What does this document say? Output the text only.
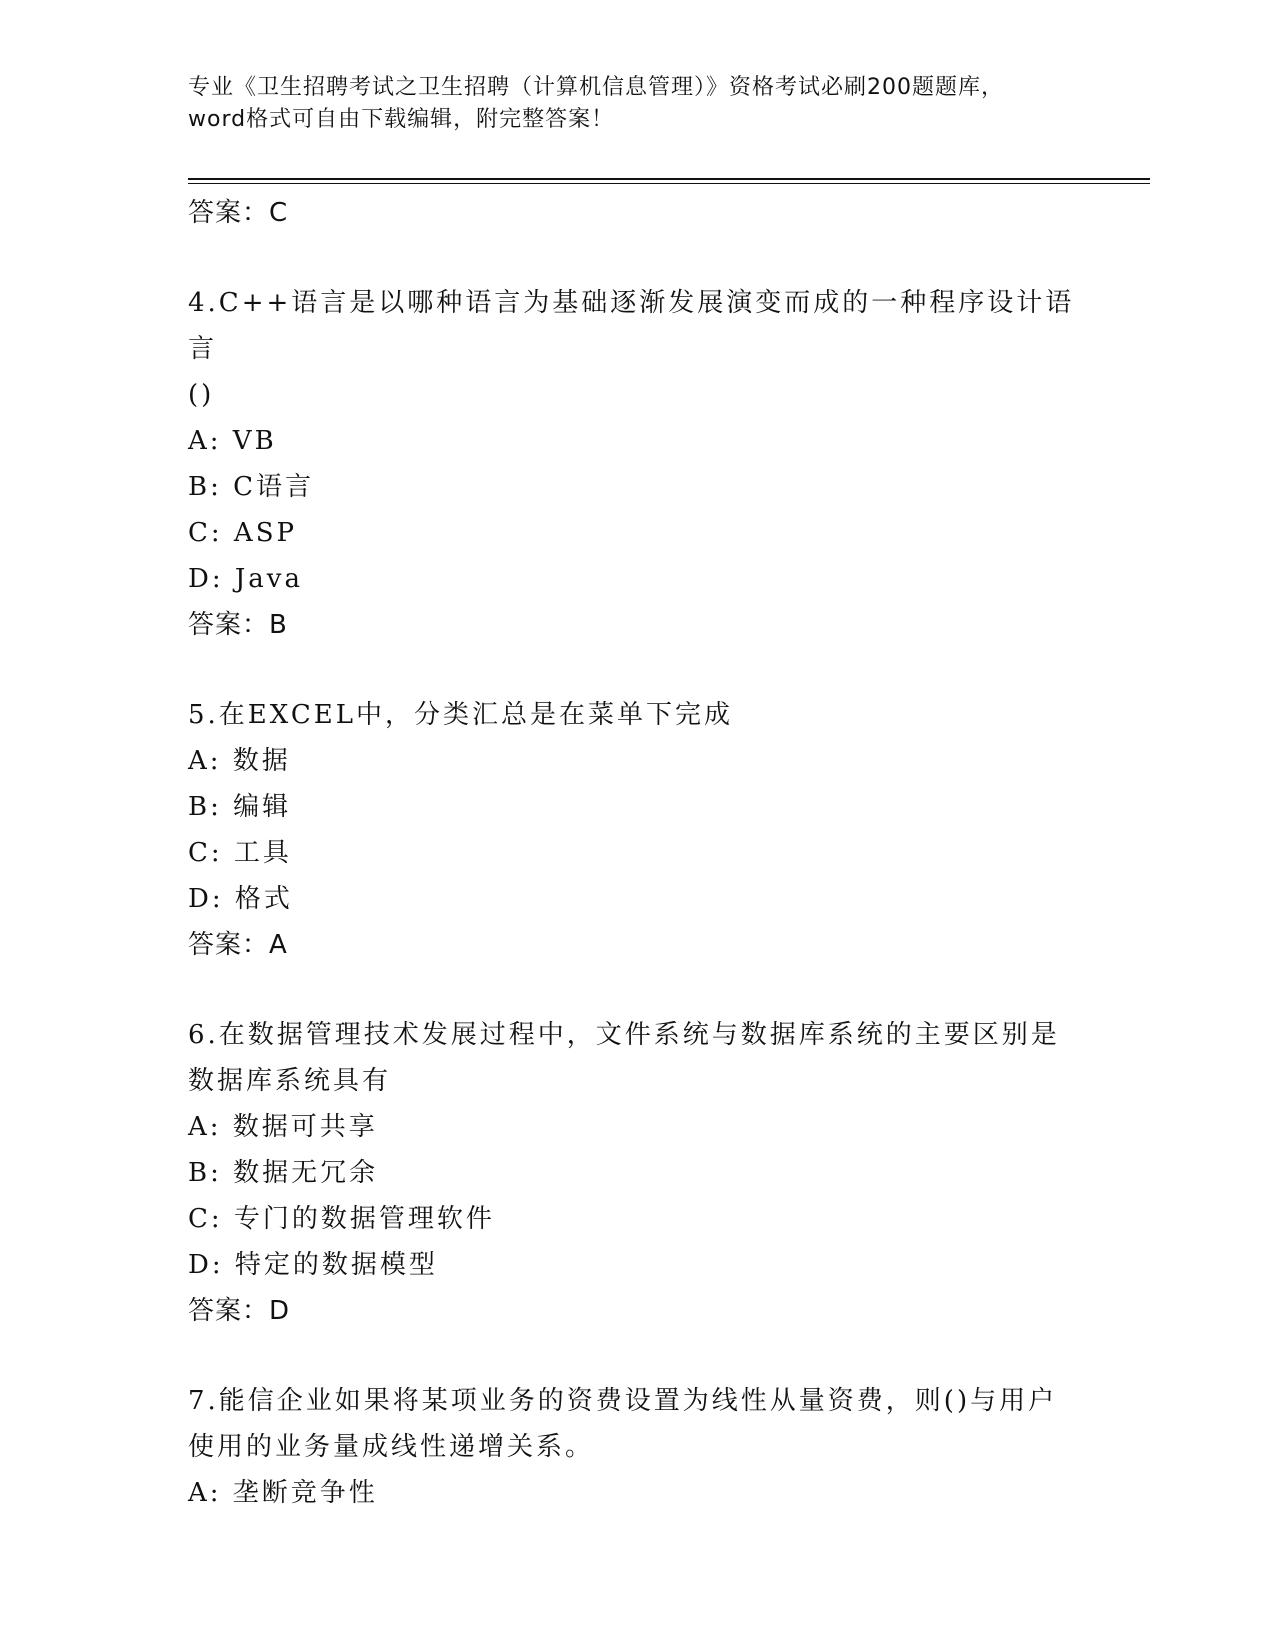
专业《卫生招聘考试之卫生招聘（计算机信息管理）》资格考试必刷200题题库，
word格式可自由下载编辑，附完整答案！
答案：C
4.C++语言是以哪种语言为基础逐渐发展演变而成的一种程序设计语言
()
A: VB
B: C语言
C: ASP
D: Java
答案：B
5.在EXCEL中，分类汇总是在菜单下完成
A: 数据
B: 编辑
C: 工具
D: 格式
答案：A
6.在数据管理技术发展过程中，文件系统与数据库系统的主要区别是
数据库系统具有
A: 数据可共享
B: 数据无冗余
C: 专门的数据管理软件
D: 特定的数据模型
答案：D
7.能信企业如果将某项业务的资费设置为线性从量资费，则()与用户
使用的业务量成线性递增关系。
A: 垄断竞争性
